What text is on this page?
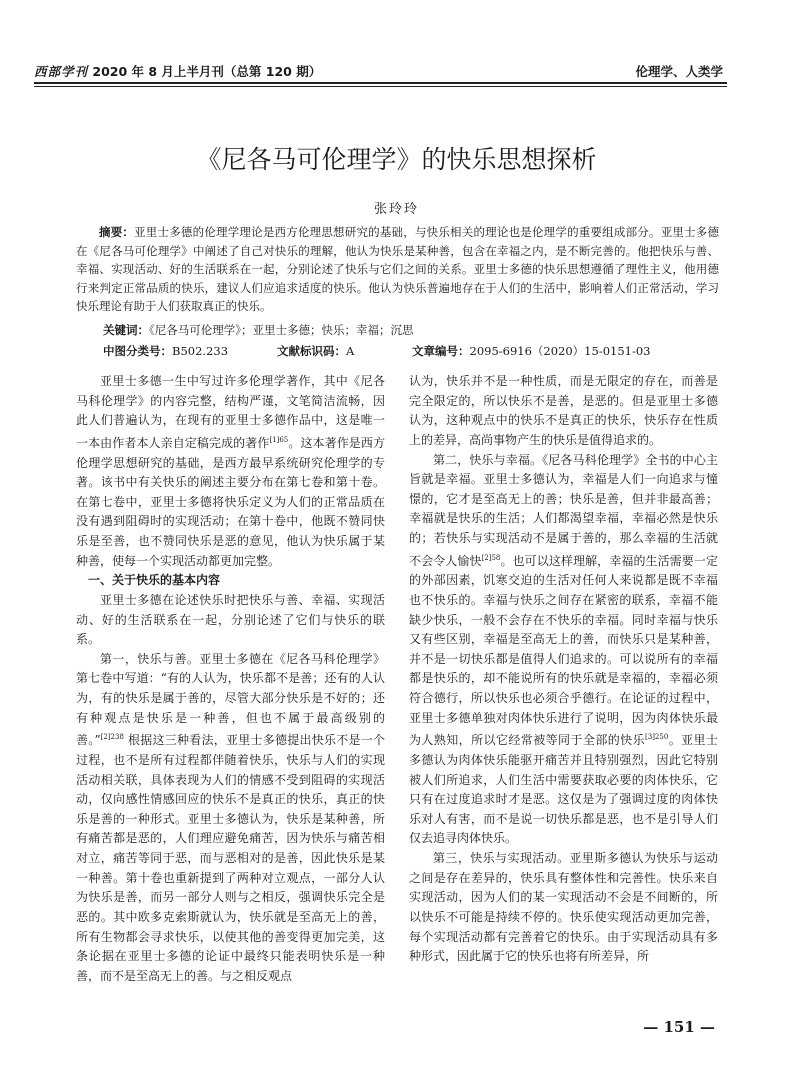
西部学刊 2020 年 8 月上半月刊（总第 120 期）	伦理学、人类学
《尼各马可伦理学》的快乐思想探析
张玲玲
摘要：亚里士多德的伦理学理论是西方伦理思想研究的基础，与快乐相关的理论也是伦理学的重要组成部分。亚里士多德在《尼各马可伦理学》中阐述了自己对快乐的理解，他认为快乐是某种善，包含在幸福之内，是不断完善的。他把快乐与善、幸福、实现活动、好的生活联系在一起，分别论述了快乐与它们之间的关系。亚里士多德的快乐思想遵循了理性主义，他用德行来判定正常品质的快乐，建议人们应追求适度的快乐。他认为快乐普遍地存在于人们的生活中，影响着人们正常活动，学习快乐理论有助于人们获取真正的快乐。
关键词：《尼各马可伦理学》；亚里士多德；快乐；幸福；沉思
中图分类号：B502.233	文献标识码：A	文章编号：2095-6916（2020）15-0151-03

亚里士多德一生中写过许多伦理学著作，其中《尼各马科伦理学》的内容完整，结构严谨，文笔简洁流畅，因此人们普遍认为，在现有的亚里士多德作品中，这是唯一一本由作者本人亲自定稿完成的著作$^{[1]65}$。这本著作是西方伦理学思想研究的基础，是西方最早系统研究伦理学的专著。该书中有关快乐的阐述主要分布在第七卷和第十卷。在第七卷中，亚里士多德将快乐定义为人们的正常品质在没有遇到阻碍时的实现活动；在第十卷中，他既不赞同快乐是至善，也不赞同快乐是恶的意见，他认为快乐属于某种善，使每一个实现活动都更加完整。

一、关于快乐的基本内容

亚里士多德在论述快乐时把快乐与善、幸福、实现活动、好的生活联系在一起，分别论述了它们与快乐的联系。

第一，快乐与善。亚里士多德在《尼各马科伦理学》第七卷中写道：“有的人认为，快乐都不是善；还有的人认为，有的快乐是属于善的，尽管大部分快乐是不好的；还有种观点是快乐是一种善，但也不属于最高级别的善。”$^{[2]238}$ 根据这三种看法，亚里士多德提出快乐不是一个过程，也不是所有过程都伴随着快乐，快乐与人们的实现活动相关联，具体表现为人们的情感不受到阻碍的实现活动，仅向感性情感回应的快乐不是真正的快乐，真正的快乐是善的一种形式。亚里士多德认为，快乐是某种善，所有痛苦都是恶的，人们理应避免痛苦，因为快乐与痛苦相对立，痛苦等同于恶，而与恶相对的是善，因此快乐是某一种善。第十卷也重新提到了两种对立观点，一部分人认为快乐是善，而另一部分人则与之相反，强调快乐完全是恶的。其中欧多克索斯就认为，快乐就是至高无上的善，所有生物都会寻求快乐，以使其他的善变得更加完美，这条论据在亚里士多德的论证中最终只能表明快乐是一种善，而不是至高无上的善。与之相反观点

认为，快乐并不是一种性质，而是无限定的存在，而善是完全限定的，所以快乐不是善，是恶的。但是亚里士多德认为，这种观点中的快乐不是真正的快乐，快乐存在性质上的差异，高尚事物产生的快乐是值得追求的。

第二，快乐与幸福。《尼各马科伦理学》全书的中心主旨就是幸福。亚里士多德认为，幸福是人们一向追求与憧憬的，它才是至高无上的善；快乐是善，但并非最高善；幸福就是快乐的生活；人们都渴望幸福，幸福必然是快乐的；若快乐与实现活动不是属于善的，那么幸福的生活就不会令人愉快$^{[2]58}$。也可以这样理解，幸福的生活需要一定的外部因素，饥寒交迫的生活对任何人来说都是既不幸福也不快乐的。幸福与快乐之间存在紧密的联系，幸福不能缺少快乐，一般不会存在不快乐的幸福。同时幸福与快乐又有些区别，幸福是至高无上的善，而快乐只是某种善，并不是一切快乐都是值得人们追求的。可以说所有的幸福都是快乐的，却不能说所有的快乐就是幸福的，幸福必须符合德行，所以快乐也必须合乎德行。在论证的过程中，亚里士多德单独对肉体快乐进行了说明，因为肉体快乐最为人熟知，所以它经常被等同于全部的快乐$^{[3]250}$。亚里士多德认为肉体快乐能驱开痛苦并且特别强烈，因此它特别被人们所追求，人们生活中需要获取必要的肉体快乐，它只有在过度追求时才是恶。这仅是为了强调过度的肉体快乐对人有害，而不是说一切快乐都是恶，也不是引导人们仅去追寻肉体快乐。

第三，快乐与实现活动。亚里斯多德认为快乐与运动之间是存在差异的，快乐具有整体性和完善性。快乐来自实现活动，因为人们的某一实现活动不会是不间断的，所以快乐不可能是持续不停的。快乐使实现活动更加完善，每个实现活动都有完善着它的快乐。由于实现活动具有多种形式，因此属于它的快乐也将有所差异，所

— 151 —
